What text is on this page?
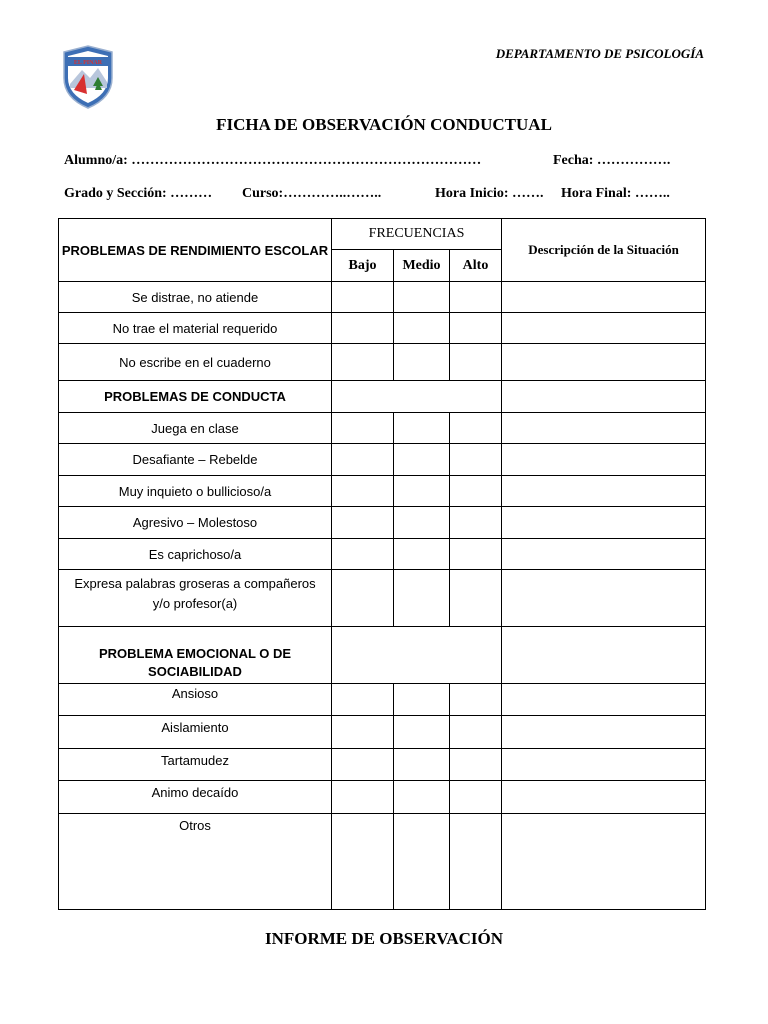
EL PINAR
DEPARTAMENTO DE PSICOLOGÍA
FICHA DE OBSERVACIÓN CONDUCTUAL
Alumno/a: …………………………………………………………………	Fecha: …………….
Grado y Sección: ……… Curso:…………..……..	Hora Inicio: ……. Hora Final: ……..
PROBLEMAS DE RENDIMIENTO ESCOLAR	FRECUENCIAS			Descripción de la Situación
	Bajo	Medio	Alto	
Se distrae, no atiende				
No trae el material requerido				
No escribe en el cuaderno				
PROBLEMAS DE CONDUCTA				
Juega en clase				
Desafiante – Rebelde				
Muy inquieto o bullicioso/a				
Agresivo – Molestoso				
Es caprichoso/a				
Expresa palabras groseras a compañeros y/o profesor(a)				
PROBLEMA EMOCIONAL O DE SOCIABILIDAD				
Ansioso				
Aislamiento				
Tartamudez				
Animo decaído				
Otros				
INFORME DE OBSERVACIÓN
